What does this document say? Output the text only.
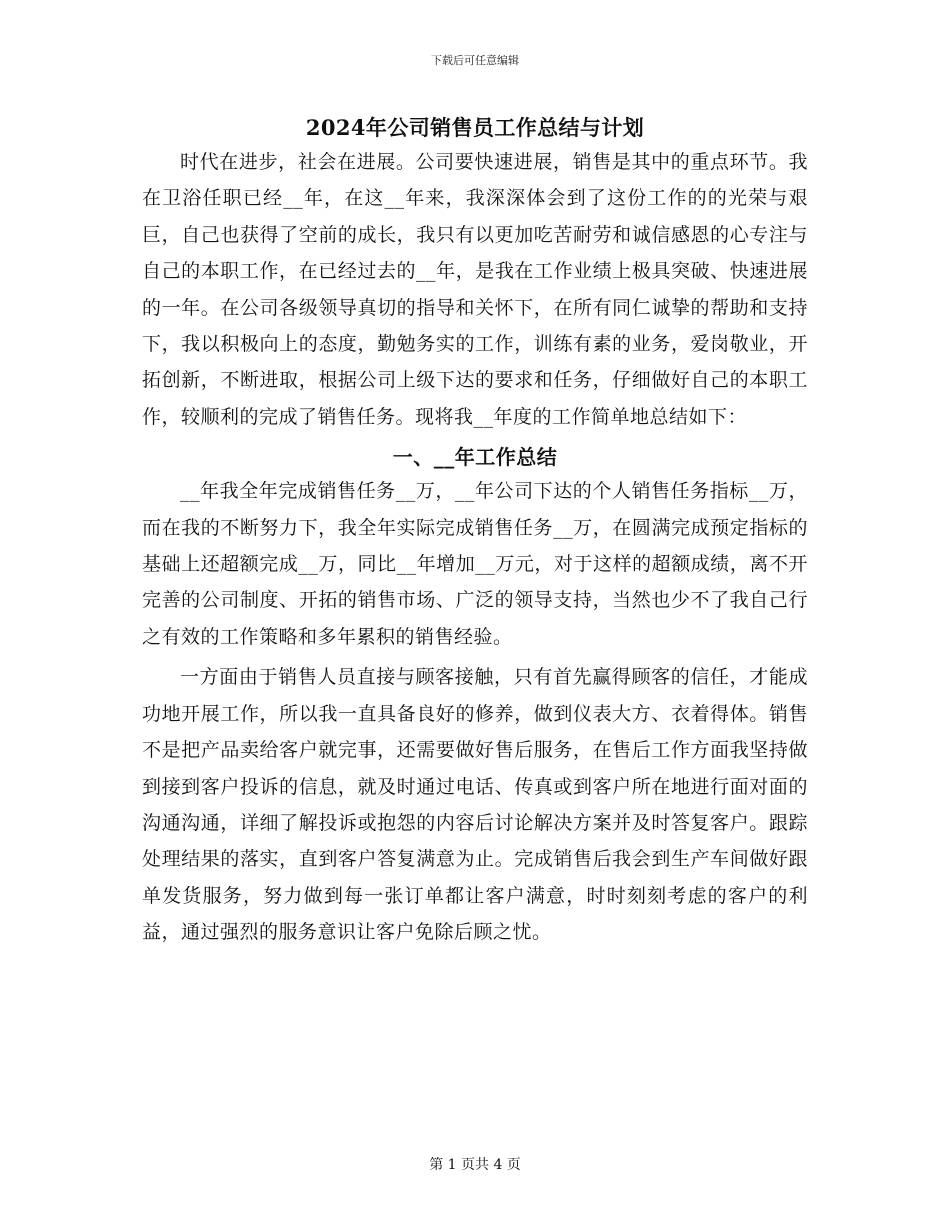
下载后可任意编辑
2024年公司销售员工作总结与计划

时代在进步，社会在进展。公司要快速进展，销售是其中的重点环节。我在卫浴任职已经__年，在这__年来，我深深体会到了这份工作的的光荣与艰巨，自己也获得了空前的成长，我只有以更加吃苦耐劳和诚信感恩的心专注与自己的本职工作，在已经过去的__年，是我在工作业绩上极具突破、快速进展的一年。在公司各级领导真切的指导和关怀下，在所有同仁诚挚的帮助和支持下，我以积极向上的态度，勤勉务实的工作，训练有素的业务，爱岗敬业，开拓创新，不断进取，根据公司上级下达的要求和任务，仔细做好自己的本职工作，较顺利的完成了销售任务。现将我__年度的工作简单地总结如下：

一、__年工作总结

__年我全年完成销售任务__万，__年公司下达的个人销售任务指标__万，而在我的不断努力下，我全年实际完成销售任务__万，在圆满完成预定指标的基础上还超额完成__万，同比__年增加__万元，对于这样的超额成绩，离不开完善的公司制度、开拓的销售市场、广泛的领导支持，当然也少不了我自己行之有效的工作策略和多年累积的销售经验。

一方面由于销售人员直接与顾客接触，只有首先赢得顾客的信任，才能成功地开展工作，所以我一直具备良好的修养，做到仪表大方、衣着得体。销售不是把产品卖给客户就完事，还需要做好售后服务，在售后工作方面我坚持做到接到客户投诉的信息，就及时通过电话、传真或到客户所在地进行面对面的沟通沟通，详细了解投诉或抱怨的内容后讨论解决方案并及时答复客户。跟踪处理结果的落实，直到客户答复满意为止。完成销售后我会到生产车间做好跟单发货服务，努力做到每一张订单都让客户满意，时时刻刻考虑的客户的利益，通过强烈的服务意识让客户免除后顾之忧。

第 1 页共 4 页
